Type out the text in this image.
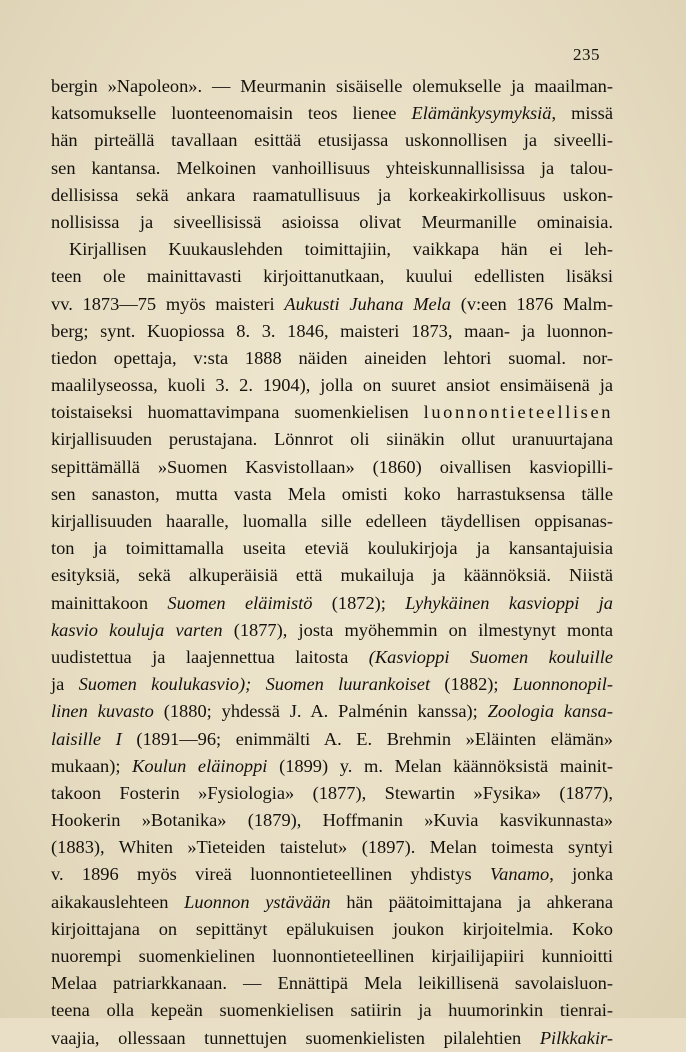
235
bergin »Napoleon». — Meurmanin sisäiselle olemukselle ja maailman-
katsomukselle luonteenomaisin teos lienee Elämänkysymyksiä, missä
hän pirteällä tavallaan esittää etusijassa uskonnollisen ja siveelli-
sen kantansa. Melkoinen vanhoillisuus yhteiskunnallisissa ja talou-
dellisissa sekä ankara raamatullisuus ja korkeakirkollisuus uskon-
nollisissa ja siveellisissä asioissa olivat Meurmanille ominaisia.
Kirjallisen Kuukauslehden toimittajiin, vaikkapa hän ei leh-
teen ole mainittavasti kirjoittanutkaan, kuului edellisten lisäksi
vv. 1873—75 myös maisteri Aukusti Juhana Mela (v:een 1876 Malm-
berg; synt. Kuopiossa 8. 3. 1846, maisteri 1873, maan- ja luonnon-
tiedon opettaja, v:sta 1888 näiden aineiden lehtori suomal. nor-
maalilyseossa, kuoli 3. 2. 1904), jolla on suuret ansiot ensimäisenä ja
toistaiseksi huomattavimpana suomenkielisen luonnontieteellisen
kirjallisuuden perustajana. Lönnrot oli siinäkin ollut uranuurtajana
sepittämällä »Suomen Kasvistollaan» (1860) oivallisen kasviopilli-
sen sanaston, mutta vasta Mela omisti koko harrastuksensa tälle
kirjallisuuden haaralle, luomalla sille edelleen täydellisen oppisanas-
ton ja toimittamalla useita eteviä koulukirjoja ja kansantajuisia
esityksiä, sekä alkuperäisiä että mukailuja ja käännöksiä. Niistä
mainittakoon Suomen eläimistö (1872); Lyhykäinen kasvioppi ja
kasvio kouluja varten (1877), josta myöhemmin on ilmestynyt monta
uudistettua ja laajennettua laitosta (Kasvioppi Suomen kouluille
ja Suomen koulukasvio); Suomen luurankoiset (1882); Luonnonopil-
linen kuvasto (1880; yhdessä J. A. Palménin kanssa); Zoologia kansa-
laisille I (1891—96; enimmälti A. E. Brehmin »Eläinten elämän»
mukaan); Koulun eläinoppi (1899) y. m. Melan käännöksistä mainit-
takoon Fosterin »Fysiologia» (1877), Stewartin »Fysika» (1877),
Hookerin »Botanika» (1879), Hoffmanin »Kuvia kasvikunnasta»
(1883), Whiten »Tieteiden taistelut» (1897). Melan toimesta syntyi
v. 1896 myös vireä luonnontieteellinen yhdistys Vanamo, jonka
aikakauslehteen Luonnon ystävään hän päätoimittajana ja ahkerana
kirjoittajana on sepittänyt epälukuisen joukon kirjoitelmia. Koko
nuorempi suomenkielinen luonnontieteellinen kirjailijapiiri kunnioitti
Melaa patriarkkanaan. — Ennättipä Mela leikillisenä savolaisluon-
teena olla kepeän suomenkielisen satiirin ja huumorinkin tienrai-
vaajia, ollessaan tunnettujen suomenkielisten pilalehtien Pilkkakir-
